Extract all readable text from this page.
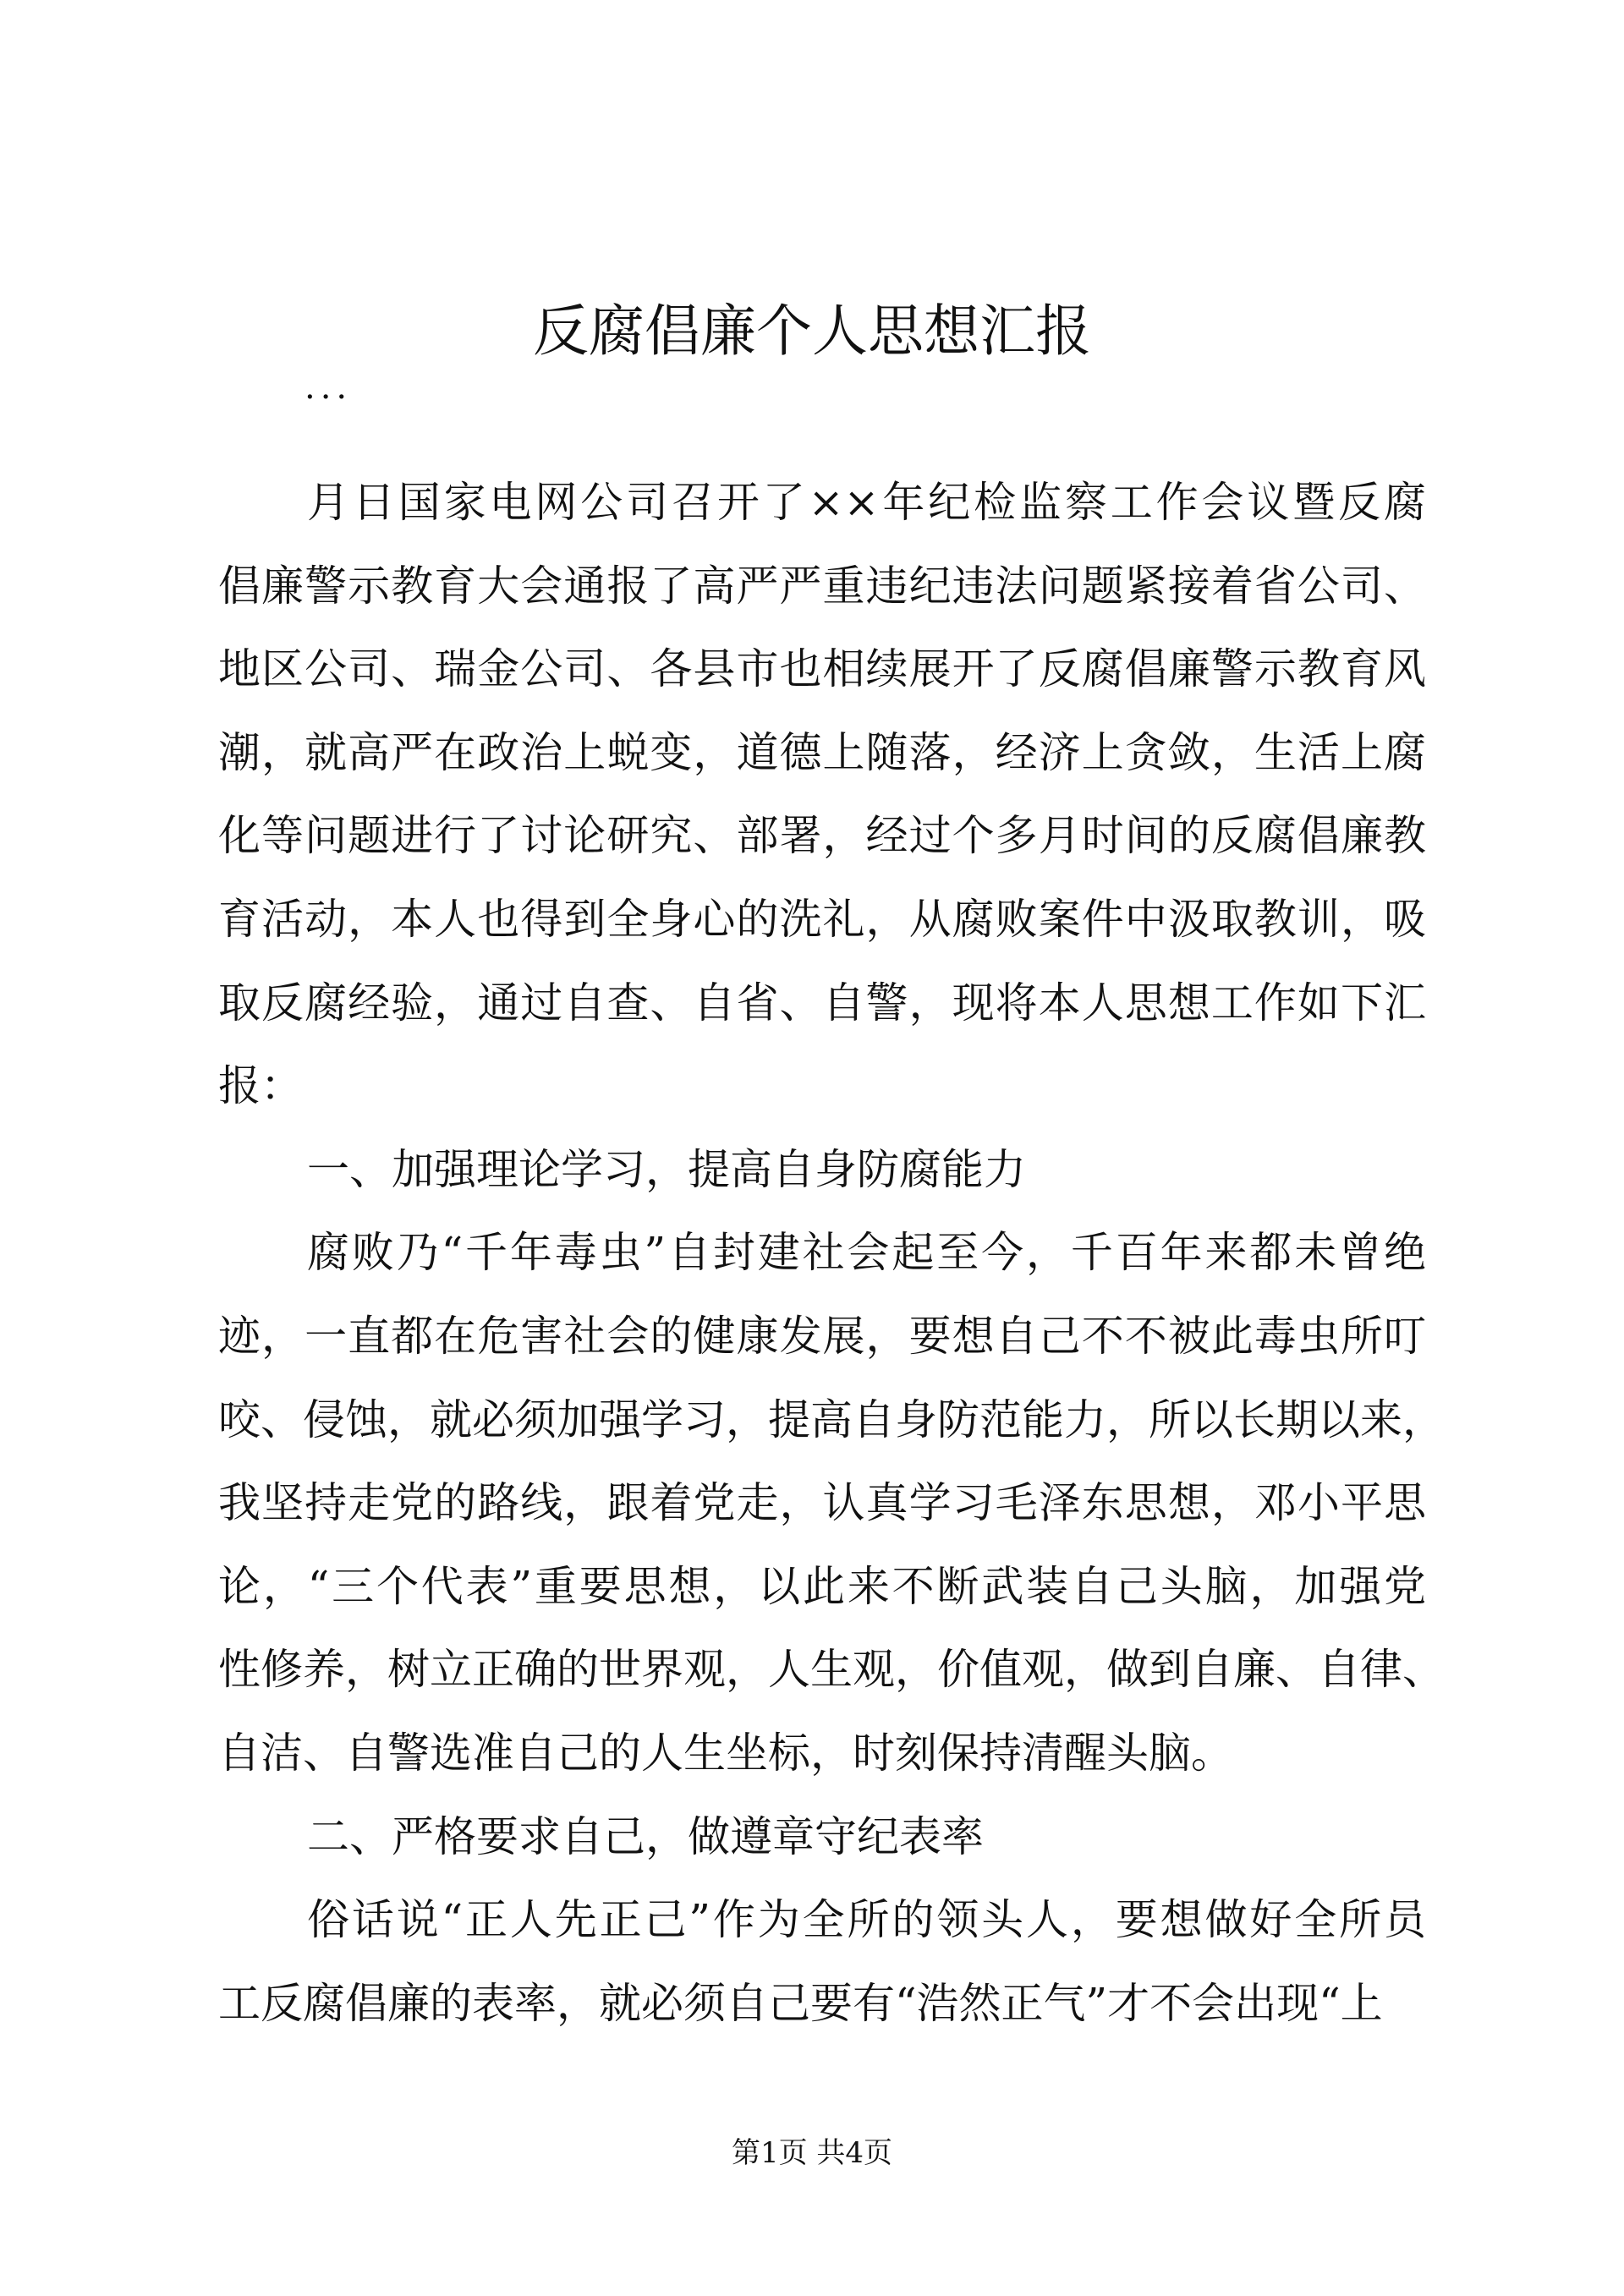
反腐倡廉个人思想汇报
...
月日国家电网公司召开了××年纪检监察工作会议暨反腐
倡廉警示教育大会通报了高严严重违纪违法问题紧接着省公司、
地区公司、瑞金公司、各县市也相续展开了反腐倡廉警示教育风
潮，就高严在政治上蜕变，道德上随落，经济上贪敛，生活上腐
化等问题进行了讨论研究、部署，经过个多月时间的反腐倡廉教
育活动，本人也得到全身心的洗礼，从腐败案件中汲取教训，吸
取反腐经验，通过自查、自省、自警，现将本人思想工作如下汇
报：
一、加强理论学习，提高自身防腐能力
腐败乃“千年毒虫”自封建社会起至今，千百年来都未曾绝
迹，一直都在危害社会的健康发展，要想自己不不被此毒虫所叮
咬、侵蚀，就必须加强学习，提高自身防范能力，所以长期以来，
我坚持走党的路线，跟着党走，认真学习毛泽东思想，邓小平思
论，“三个代表”重要思想，以此来不断武装自己头脑，加强党
性修养，树立正确的世界观，人生观，价值观，做到自廉、自律、
自洁、自警选准自己的人生坐标，时刻保持清醒头脑。
二、严格要求自己，做遵章守纪表率
俗话说“正人先正己”作为全所的领头人，要想做好全所员
工反腐倡廉的表率，就必须自己要有“浩然正气”才不会出现“上
第1页 共4页
